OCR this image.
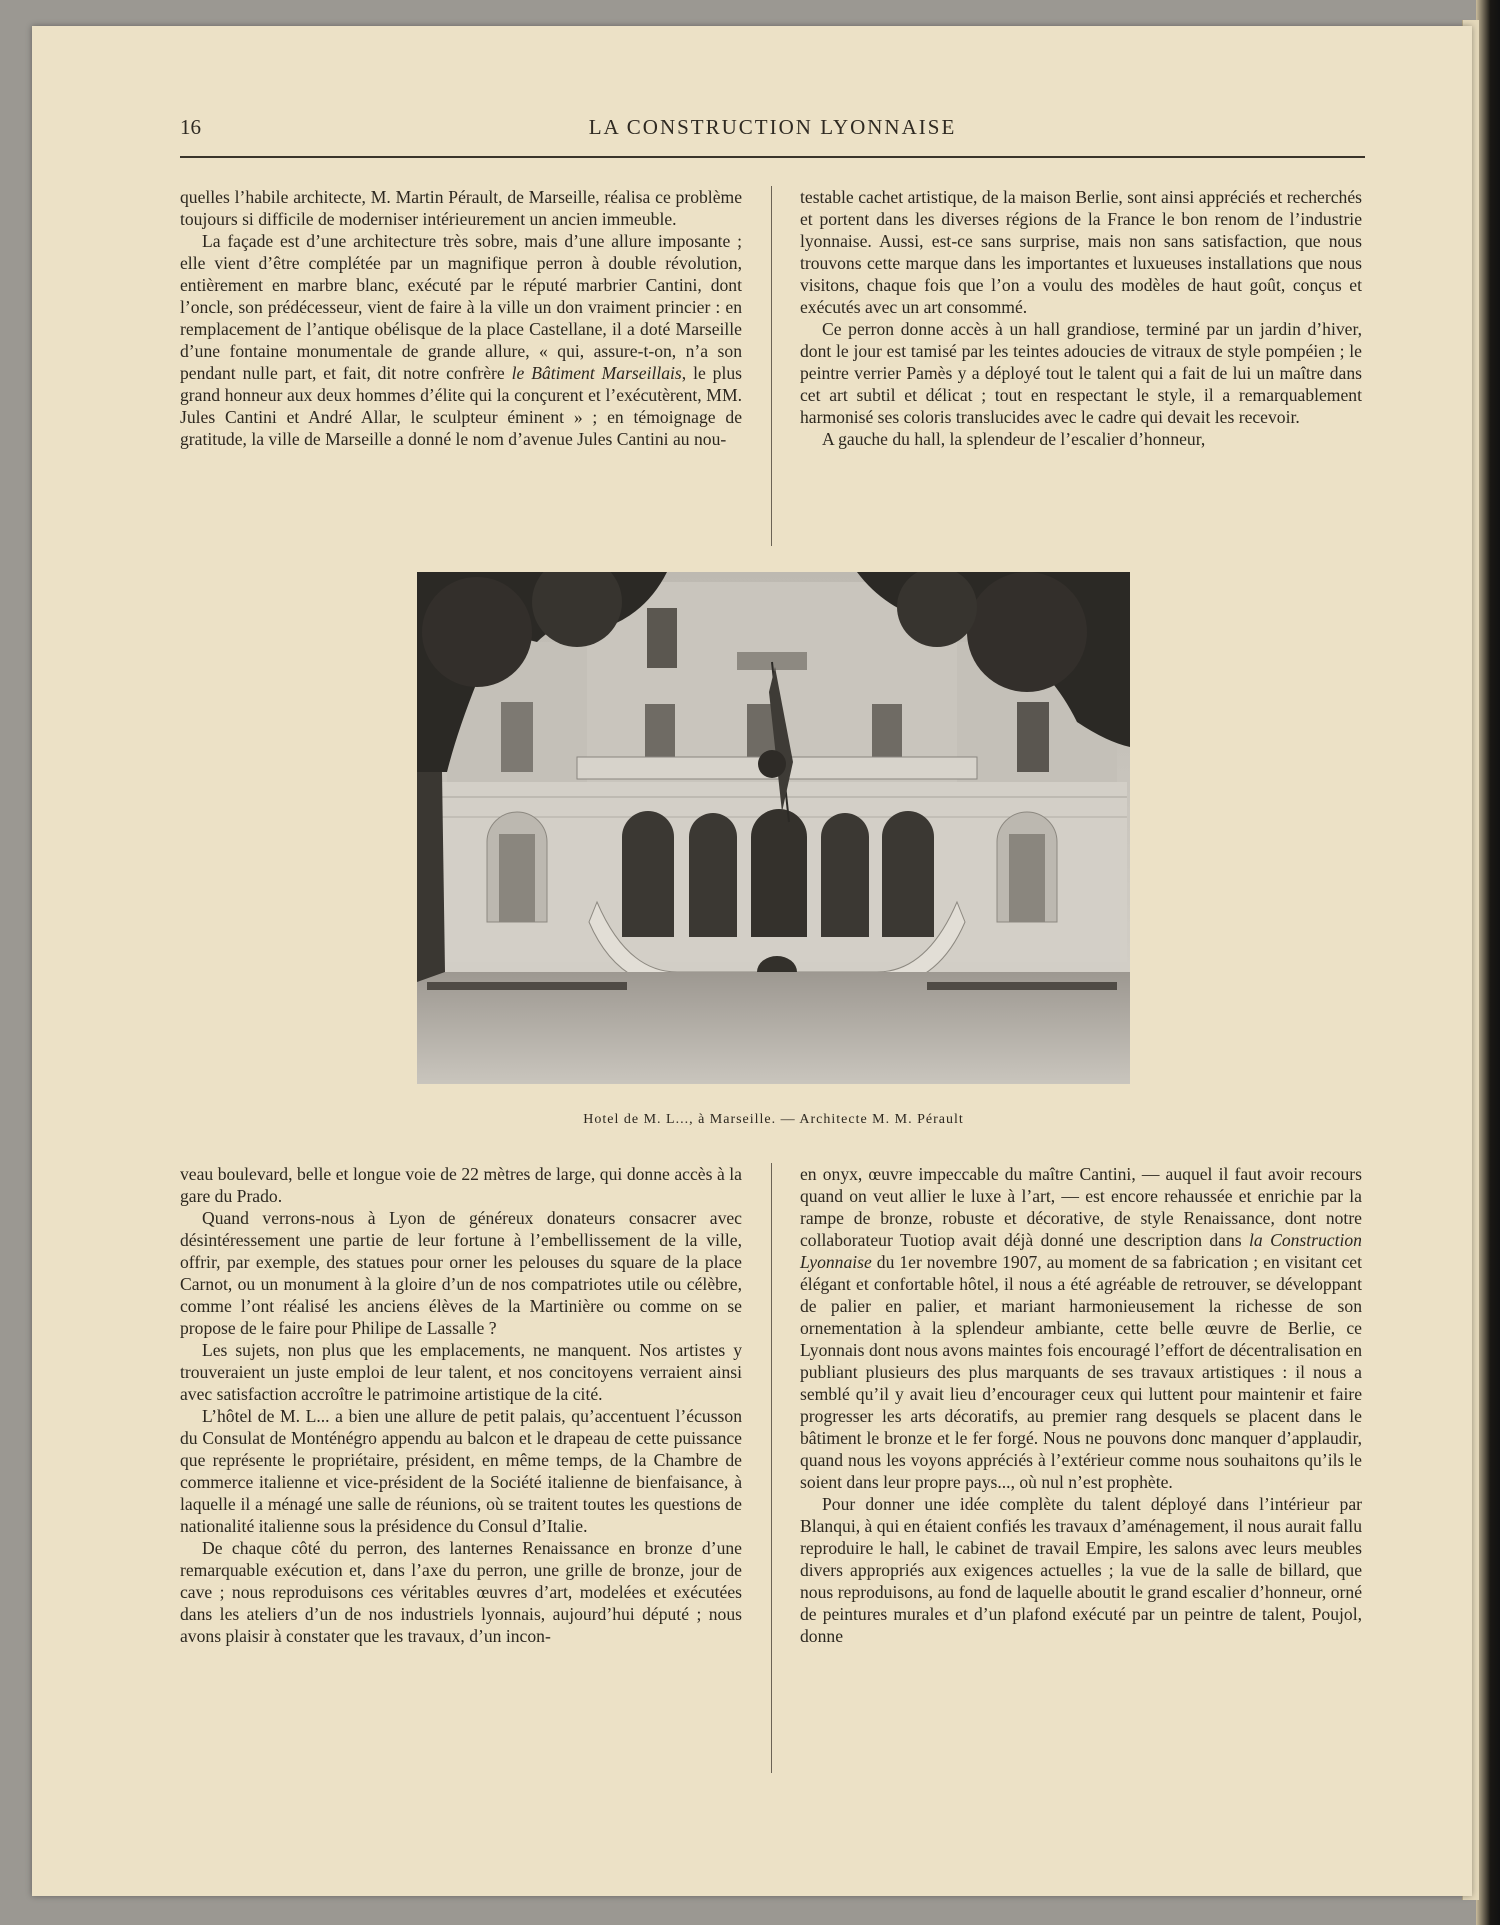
16	LA CONSTRUCTION LYONNAISE

quelles l’habile architecte, M. Martin Pérault, de Marseille, réalisa ce problème toujours si difficile de moderniser intérieurement un ancien immeuble.

La façade est d’une architecture très sobre, mais d’une allure imposante ; elle vient d’être complétée par un magnifique perron à double révolution, entièrement en marbre blanc, exécuté par le réputé marbrier Cantini, dont l’oncle, son prédécesseur, vient de faire à la ville un don vraiment princier : en remplacement de l’antique obélisque de la place Castellane, il a doté Marseille d’une fontaine monumentale de grande allure, « qui, assure-t-on, n’a son pendant nulle part, et fait, dit notre confrère le Bâtiment Marseillais, le plus grand honneur aux deux hommes d’élite qui la conçurent et l’exécutèrent, MM. Jules Cantini et André Allar, le sculpteur éminent » ; en témoignage de gratitude, la ville de Marseille a donné le nom d’avenue Jules Cantini au nou-

testable cachet artistique, de la maison Berlie, sont ainsi appréciés et recherchés et portent dans les diverses régions de la France le bon renom de l’industrie lyonnaise. Aussi, est-ce sans surprise, mais non sans satisfaction, que nous trouvons cette marque dans les importantes et luxueuses installations que nous visitons, chaque fois que l’on a voulu des modèles de haut goût, conçus et exécutés avec un art consommé.

Ce perron donne accès à un hall grandiose, terminé par un jardin d’hiver, dont le jour est tamisé par les teintes adoucies de vitraux de style pompéien ; le peintre verrier Pamès y a déployé tout le talent qui a fait de lui un maître dans cet art subtil et délicat ; tout en respectant le style, il a remarquablement harmonisé ses coloris translucides avec le cadre qui devait les recevoir.

A gauche du hall, la splendeur de l’escalier d’honneur,

Hotel de M. L..., à Marseille. — Architecte M. M. Pérault

veau boulevard, belle et longue voie de 22 mètres de large, qui donne accès à la gare du Prado.

Quand verrons-nous à Lyon de généreux donateurs consacrer avec désintéressement une partie de leur fortune à l’embellissement de la ville, offrir, par exemple, des statues pour orner les pelouses du square de la place Carnot, ou un monument à la gloire d’un de nos compatriotes utile ou célèbre, comme l’ont réalisé les anciens élèves de la Martinière ou comme on se propose de le faire pour Philipe de Lassalle ?

Les sujets, non plus que les emplacements, ne manquent. Nos artistes y trouveraient un juste emploi de leur talent, et nos concitoyens verraient ainsi avec satisfaction accroître le patrimoine artistique de la cité.

L’hôtel de M. L... a bien une allure de petit palais, qu’accentuent l’écusson du Consulat de Monténégro appendu au balcon et le drapeau de cette puissance que représente le propriétaire, président, en même temps, de la Chambre de commerce italienne et vice-président de la Société italienne de bienfaisance, à laquelle il a ménagé une salle de réunions, où se traitent toutes les questions de nationalité italienne sous la présidence du Consul d’Italie.

De chaque côté du perron, des lanternes Renaissance en bronze d’une remarquable exécution et, dans l’axe du perron, une grille de bronze, jour de cave ; nous reproduisons ces véritables œuvres d’art, modelées et exécutées dans les ateliers d’un de nos industriels lyonnais, aujourd’hui député ; nous avons plaisir à constater que les travaux, d’un incon-

en onyx, œuvre impeccable du maître Cantini, — auquel il faut avoir recours quand on veut allier le luxe à l’art, — est encore rehaussée et enrichie par la rampe de bronze, robuste et décorative, de style Renaissance, dont notre collaborateur Tuotiop avait déjà donné une description dans la Construction Lyonnaise du 1er novembre 1907, au moment de sa fabrication ; en visitant cet élégant et confortable hôtel, il nous a été agréable de retrouver, se développant de palier en palier, et mariant harmonieusement la richesse de son ornementation à la splendeur ambiante, cette belle œuvre de Berlie, ce Lyonnais dont nous avons maintes fois encouragé l’effort de décentralisation en publiant plusieurs des plus marquants de ses travaux artistiques : il nous a semblé qu’il y avait lieu d’encourager ceux qui luttent pour maintenir et faire progresser les arts décoratifs, au premier rang desquels se placent dans le bâtiment le bronze et le fer forgé. Nous ne pouvons donc manquer d’applaudir, quand nous les voyons appréciés à l’extérieur comme nous souhaitons qu’ils le soient dans leur propre pays..., où nul n’est prophète.

Pour donner une idée complète du talent déployé dans l’intérieur par Blanqui, à qui en étaient confiés les travaux d’aménagement, il nous aurait fallu reproduire le hall, le cabinet de travail Empire, les salons avec leurs meubles divers appropriés aux exigences actuelles ; la vue de la salle de billard, que nous reproduisons, au fond de laquelle aboutit le grand escalier d’honneur, orné de peintures murales et d’un plafond exécuté par un peintre de talent, Poujol, donne
